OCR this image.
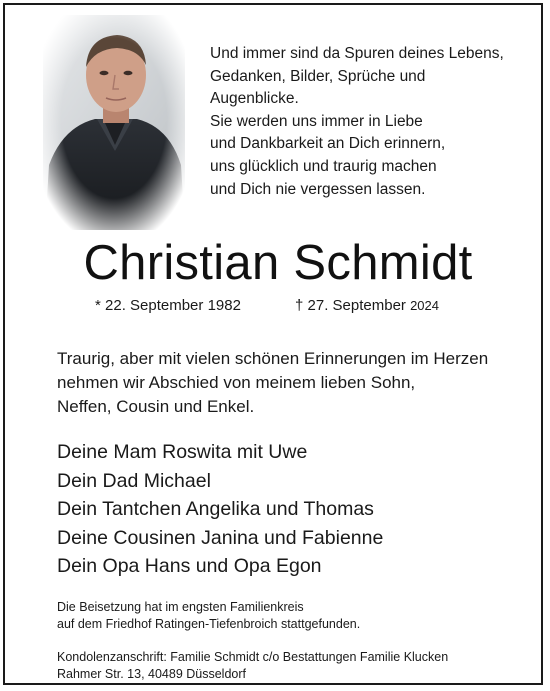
Und immer sind da Spuren deines Lebens,
Gedanken, Bilder, Sprüche und
Augenblicke.
Sie werden uns immer in Liebe
und Dankbarkeit an Dich erinnern,
uns glücklich und traurig machen
und Dich nie vergessen lassen.
Christian Schmidt
* 22. September 1982	† 27. September 2024
Traurig, aber mit vielen schönen Erinnerungen im Herzen
nehmen wir Abschied von meinem lieben Sohn,
Neffen, Cousin und Enkel.
Deine Mam Roswita mit Uwe
Dein Dad Michael
Dein Tantchen Angelika und Thomas
Deine Cousinen Janina und Fabienne
Dein Opa Hans und Opa Egon
Die Beisetzung hat im engsten Familienkreis
auf dem Friedhof Ratingen-Tiefenbroich stattgefunden.
Kondolenzanschrift: Familie Schmidt c/o Bestattungen Familie Klucken
Rahmer Str. 13, 40489 Düsseldorf
